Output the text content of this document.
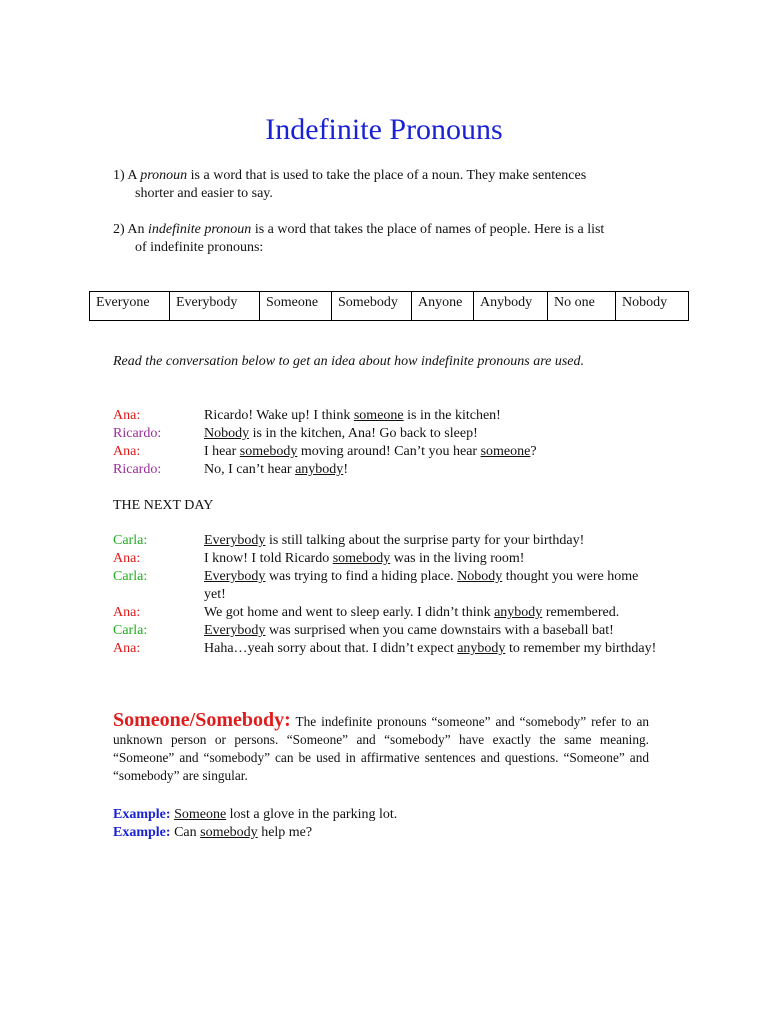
Indefinite Pronouns
1) A pronoun is a word that is used to take the place of a noun. They make sentences
shorter and easier to say.
2) An indefinite pronoun is a word that takes the place of names of people. Here is a list
of indefinite pronouns:
Everyone	Everybody	Someone	Somebody	Anyone	Anybody	No one	Nobody
Read the conversation below to get an idea about how indefinite pronouns are used.
Ana:	Ricardo! Wake up! I think someone is in the kitchen!
Ricardo:	Nobody is in the kitchen, Ana! Go back to sleep!
Ana:	I hear somebody moving around! Can’t you hear someone?
Ricardo:	No, I can’t hear anybody!
THE NEXT DAY
Carla:	Everybody is still talking about the surprise party for your birthday!
Ana:	I know! I told Ricardo somebody was in the living room!
Carla:	Everybody was trying to find a hiding place. Nobody thought you were home yet!
Ana:	We got home and went to sleep early. I didn’t think anybody remembered.
Carla:	Everybody was surprised when you came downstairs with a baseball bat!
Ana:	Haha…yeah sorry about that. I didn’t expect anybody to remember my birthday!
Someone/Somebody: The indefinite pronouns “someone” and “somebody” refer to an unknown person or persons. “Someone” and “somebody” have exactly the same meaning. “Someone” and “somebody” can be used in affirmative sentences and questions. “Someone” and “somebody” are singular.
Example: Someone lost a glove in the parking lot.
Example: Can somebody help me?
